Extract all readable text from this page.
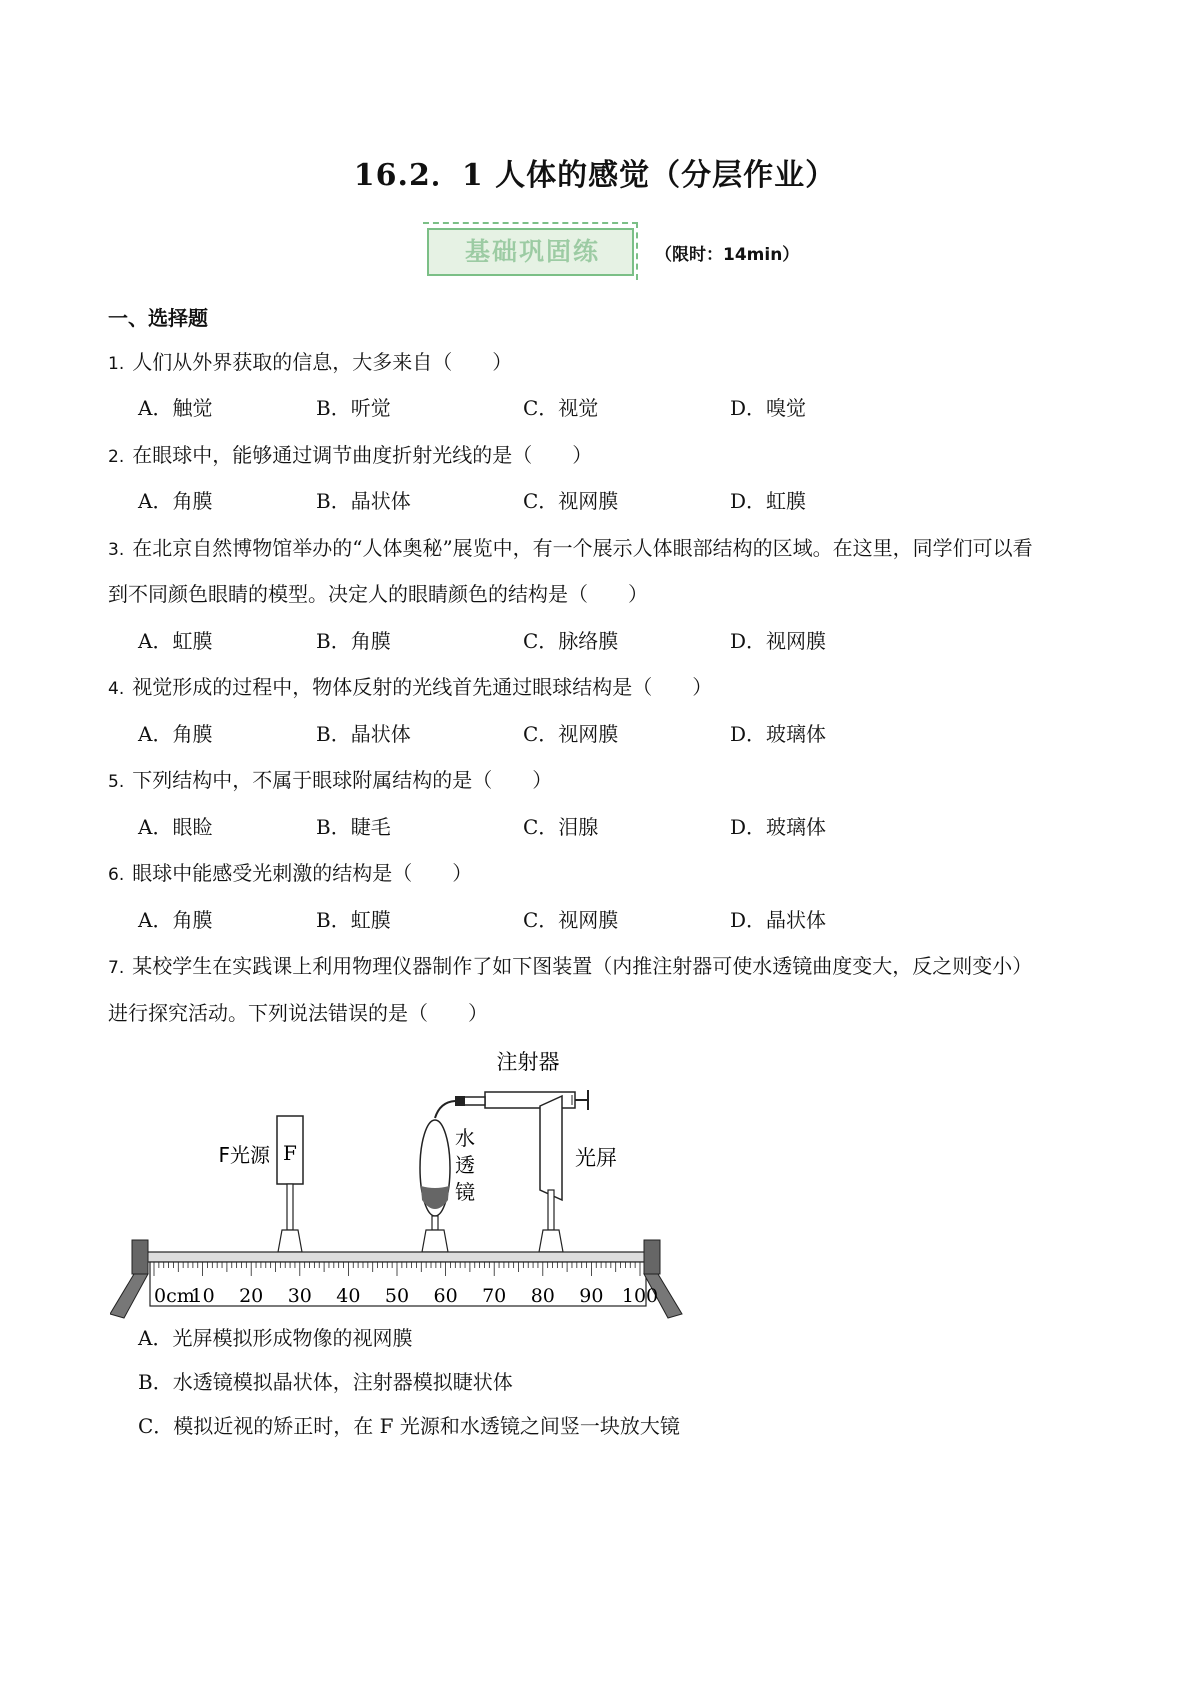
16.2．1 人体的感觉（分层作业）
基础巩固练	（限时：14min）
一、选择题
1. 人们从外界获取的信息，大多来自（　　）
A．触觉	B．听觉	C．视觉	D．嗅觉
2. 在眼球中，能够通过调节曲度折射光线的是（　　）
A．角膜	B．晶状体	C．视网膜	D．虹膜
3. 在北京自然博物馆举办的“人体奥秘”展览中，有一个展示人体眼部结构的区域。在这里，同学们可以看
到不同颜色眼睛的模型。决定人的眼睛颜色的结构是（　　）
A．虹膜	B．角膜	C．脉络膜	D．视网膜
4. 视觉形成的过程中，物体反射的光线首先通过眼球结构是（　　）
A．角膜	B．晶状体	C．视网膜	D．玻璃体
5. 下列结构中，不属于眼球附属结构的是（　　）
A．眼睑	B．睫毛	C．泪腺	D．玻璃体
6. 眼球中能感受光刺激的结构是（　　）
A．角膜	B．虹膜	C．视网膜	D．晶状体
7. 某校学生在实践课上利用物理仪器制作了如下图装置（内推注射器可使水透镜曲度变大，反之则变小）
进行探究活动。下列说法错误的是（　　）
注射器
F
F光源
水
透
镜
光屏
0cm
10 20 30 40 50 60 70 80 90 100
A．光屏模拟形成物像的视网膜
B．水透镜模拟晶状体，注射器模拟睫状体
C．模拟近视的矫正时，在 F 光源和水透镜之间竖一块放大镜
